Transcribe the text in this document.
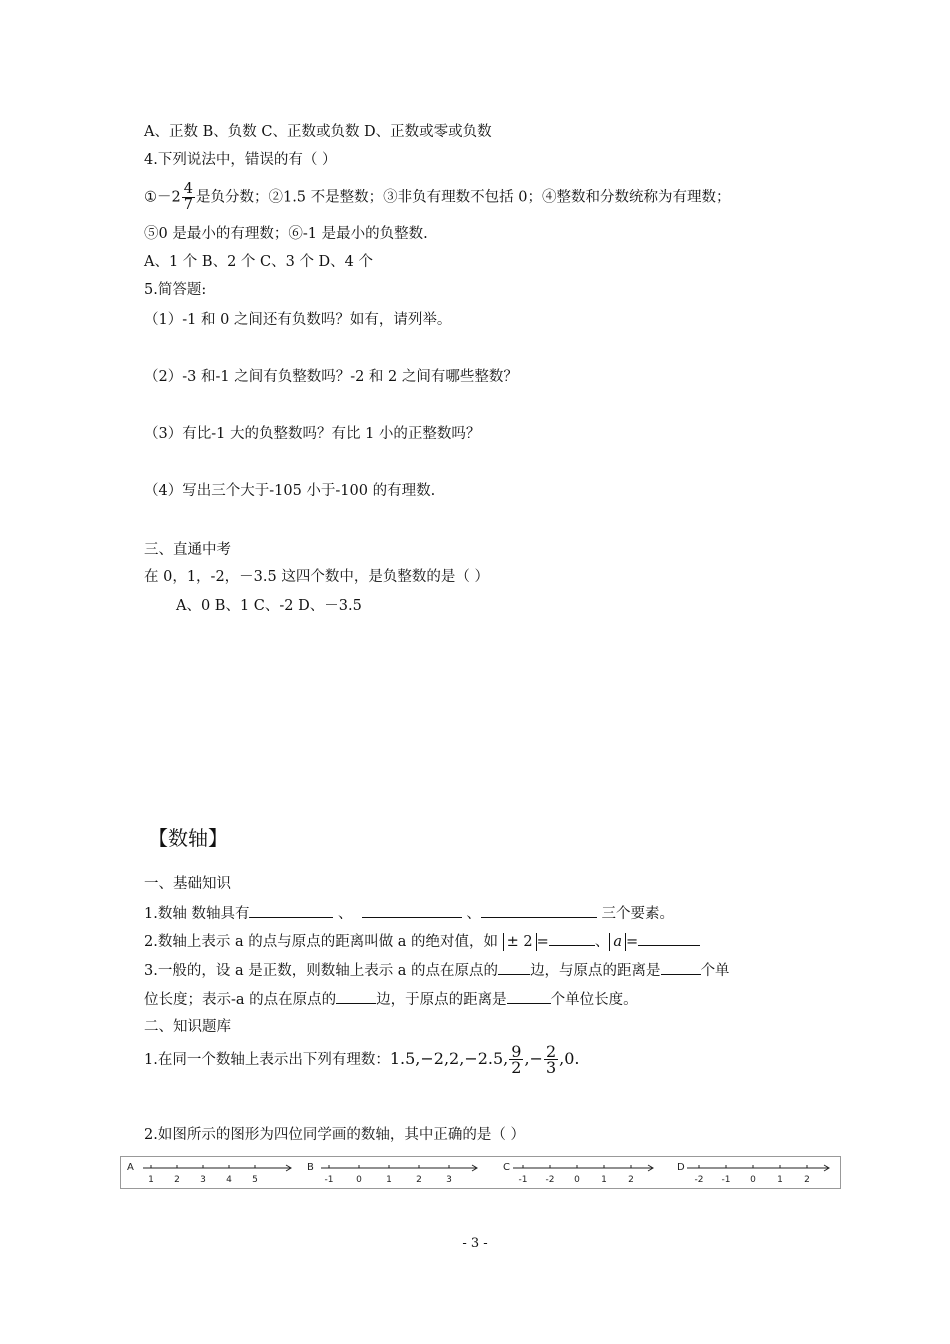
A、正数 B、负数 C、正数或负数 D、正数或零或负数
4.下列说法中，错误的有（ ）
①－2 $\frac{4}{7}$ 是负分数；②1.5 不是整数；③非负有理数不包括 0；④整数和分数统称为有理数；
⑤0 是最小的有理数；⑥-1 是最小的负整数.
A、1 个 B、2 个 C、3 个 D、4 个
5.简答题:
（1）-1 和 0 之间还有负数吗？如有，请列举。
（2）-3 和-1 之间有负整数吗？-2 和 2 之间有哪些整数？
（3）有比-1 大的负整数吗？有比 1 小的正整数吗？
（4）写出三个大于-105 小于-100 的有理数.
三、直通中考
在 0，1，-2，－3.5 这四个数中，是负整数的是（ ）
A、0 B、1 C、-2 D、－3.5
【数轴】
一、基础知识
1.数轴 数轴具有	、	、	三个要素。
2.数轴上表示 a 的点与原点的距离叫做 a 的绝对值，如 ± 2 =	、 a =
3.一般的，设 a 是正数，则数轴上表示 a 的点在原点的 边，与原点的距离是	个单
位长度；表示-a 的点在原点的	边，于原点的距离是	个单位长度。
二、知识题库
1.在同一个数轴上表示出下列有理数：1.5,−2,2,−2.5, $\frac{9}{2}$ ,− $\frac{2}{3} ,0$.
2.如图所示的图形为四位同学画的数轴，其中正确的是（ ）
A
1 2 3 4 5
B
-1	0	1	2	3
C
-1 -2 0 1 2
D
-2 -1 0 1 2
- 3 -
